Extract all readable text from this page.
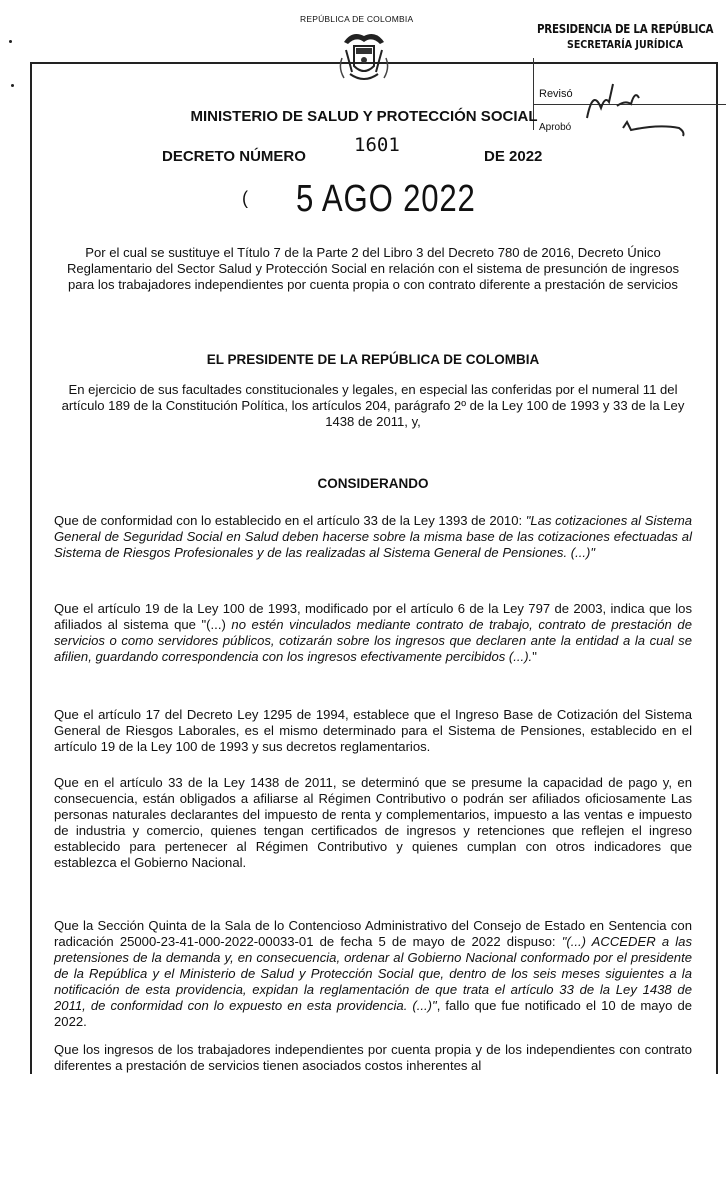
REPÚBLICA DE COLOMBIA
PRESIDENCIA DE LA REPÚBLICA
SECRETARÍA JURÍDICA
Revisó
Aprobó
MINISTERIO DE SALUD Y PROTECCIÓN SOCIAL
DECRETO NÚMERO
1601
DE 2022
( 5 AGO 2022
Por el cual se sustituye el Título 7 de la Parte 2 del Libro 3 del Decreto 780 de 2016, Decreto Único Reglamentario del Sector Salud y Protección Social en relación con el sistema de presunción de ingresos para los trabajadores independientes por cuenta propia o con contrato diferente a prestación de servicios
EL PRESIDENTE DE LA REPÚBLICA DE COLOMBIA
En ejercicio de sus facultades constitucionales y legales, en especial las conferidas por el numeral 11 del artículo 189 de la Constitución Política, los artículos 204, parágrafo 2º de la Ley 100 de 1993 y 33 de la Ley 1438 de 2011, y,
CONSIDERANDO
Que de conformidad con lo establecido en el artículo 33 de la Ley 1393 de 2010: "Las cotizaciones al Sistema General de Seguridad Social en Salud deben hacerse sobre la misma base de las cotizaciones efectuadas al Sistema de Riesgos Profesionales y de las realizadas al Sistema General de Pensiones. (...)"
Que el artículo 19 de la Ley 100 de 1993, modificado por el artículo 6 de la Ley 797 de 2003, indica que los afiliados al sistema que "(...) no estén vinculados mediante contrato de trabajo, contrato de prestación de servicios o como servidores públicos, cotizarán sobre los ingresos que declaren ante la entidad a la cual se afilien, guardando correspondencia con los ingresos efectivamente percibidos (...)."
Que el artículo 17 del Decreto Ley 1295 de 1994, establece que el Ingreso Base de Cotización del Sistema General de Riesgos Laborales, es el mismo determinado para el Sistema de Pensiones, establecido en el artículo 19 de la Ley 100 de 1993 y sus decretos reglamentarios.
Que en el artículo 33 de la Ley 1438 de 2011, se determinó que se presume la capacidad de pago y, en consecuencia, están obligados a afiliarse al Régimen Contributivo o podrán ser afiliados oficiosamente Las personas naturales declarantes del impuesto de renta y complementarios, impuesto a las ventas e impuesto de industria y comercio, quienes tengan certificados de ingresos y retenciones que reflejen el ingreso establecido para pertenecer al Régimen Contributivo y quienes cumplan con otros indicadores que establezca el Gobierno Nacional.
Que la Sección Quinta de la Sala de lo Contencioso Administrativo del Consejo de Estado en Sentencia con radicación 25000-23-41-000-2022-00033-01 de fecha 5 de mayo de 2022 dispuso: "(...) ACCEDER a las pretensiones de la demanda y, en consecuencia, ordenar al Gobierno Nacional conformado por el presidente de la República y el Ministerio de Salud y Protección Social que, dentro de los seis meses siguientes a la notificación de esta providencia, expidan la reglamentación de que trata el artículo 33 de la Ley 1438 de 2011, de conformidad con lo expuesto en esta providencia. (...)", fallo que fue notificado el 10 de mayo de 2022.
Que los ingresos de los trabajadores independientes por cuenta propia y de los independientes con contrato diferentes a prestación de servicios tienen asociados costos inherentes al
